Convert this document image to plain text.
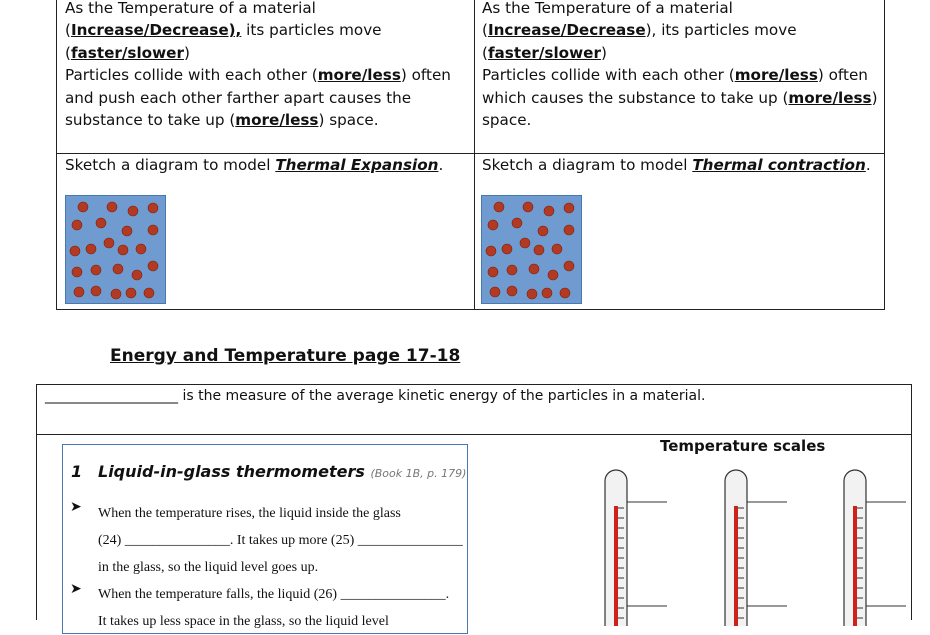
As the Temperature of a material
(Increase/Decrease), its particles move
(faster/slower)
Particles collide with each other (more/less) often
and push each other farther apart causes the
substance to take up (more/less) space.
As the Temperature of a material
(Increase/Decrease), its particles move
(faster/slower)
Particles collide with each other (more/less) often
which causes the substance to take up (more/less)
space.
Sketch a diagram to model Thermal Expansion.	Sketch a diagram to model Thermal contraction.
Energy and Temperature page 17-18
___________________ is the measure of the average kinetic energy of the particles in a material.
1 Liquid-in-glass thermometers (Book 1B, p. 179)
➤ When the temperature rises, the liquid inside the glass
(24) _______________. It takes up more (25) _______________
in the glass, so the liquid level goes up.
➤ When the temperature falls, the liquid (26) _______________.
It takes up less space in the glass, so the liquid level
Temperature scales
